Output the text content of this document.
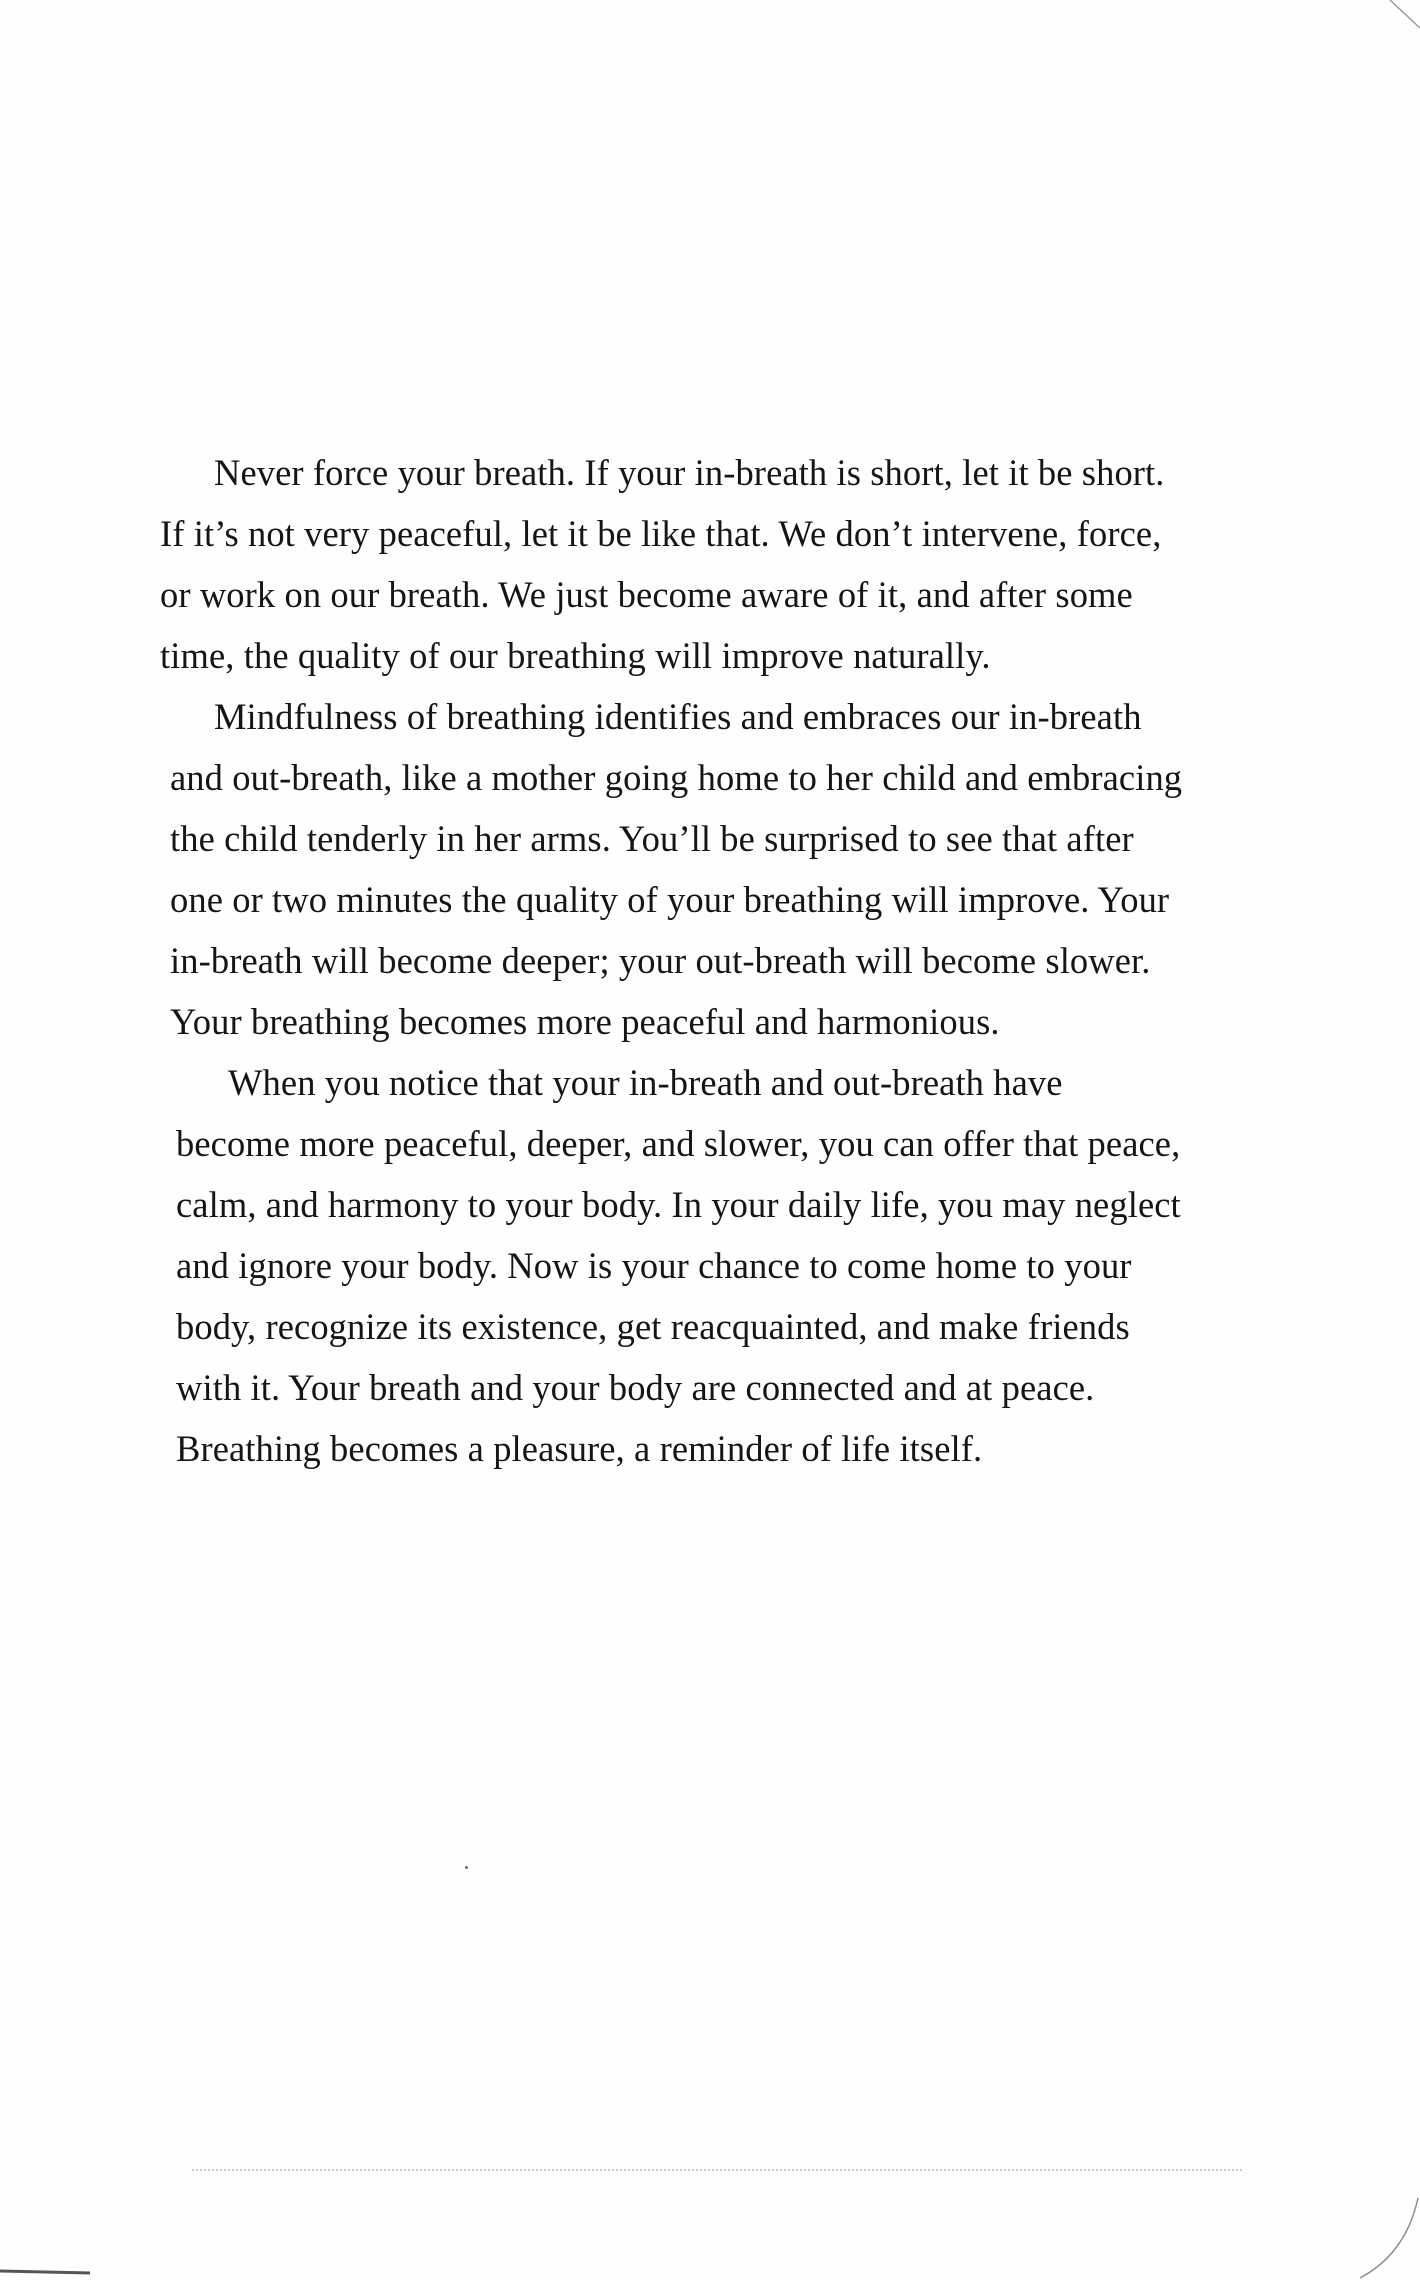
Never force your breath. If your in-breath is short, let it be short.
If it’s not very peaceful, let it be like that. We don’t intervene, force,
or work on our breath. We just become aware of it, and after some
time, the quality of our breathing will improve naturally.
Mindfulness of breathing identifies and embraces our in-breath
and out-breath, like a mother going home to her child and embracing
the child tenderly in her arms. You’ll be surprised to see that after
one or two minutes the quality of your breathing will improve. Your
in-breath will become deeper; your out-breath will become slower.
Your breathing becomes more peaceful and harmonious.
When you notice that your in-breath and out-breath have
become more peaceful, deeper, and slower, you can offer that peace,
calm, and harmony to your body. In your daily life, you may neglect
and ignore your body. Now is your chance to come home to your
body, recognize its existence, get reacquainted, and make friends
with it. Your breath and your body are connected and at peace.
Breathing becomes a pleasure, a reminder of life itself.
